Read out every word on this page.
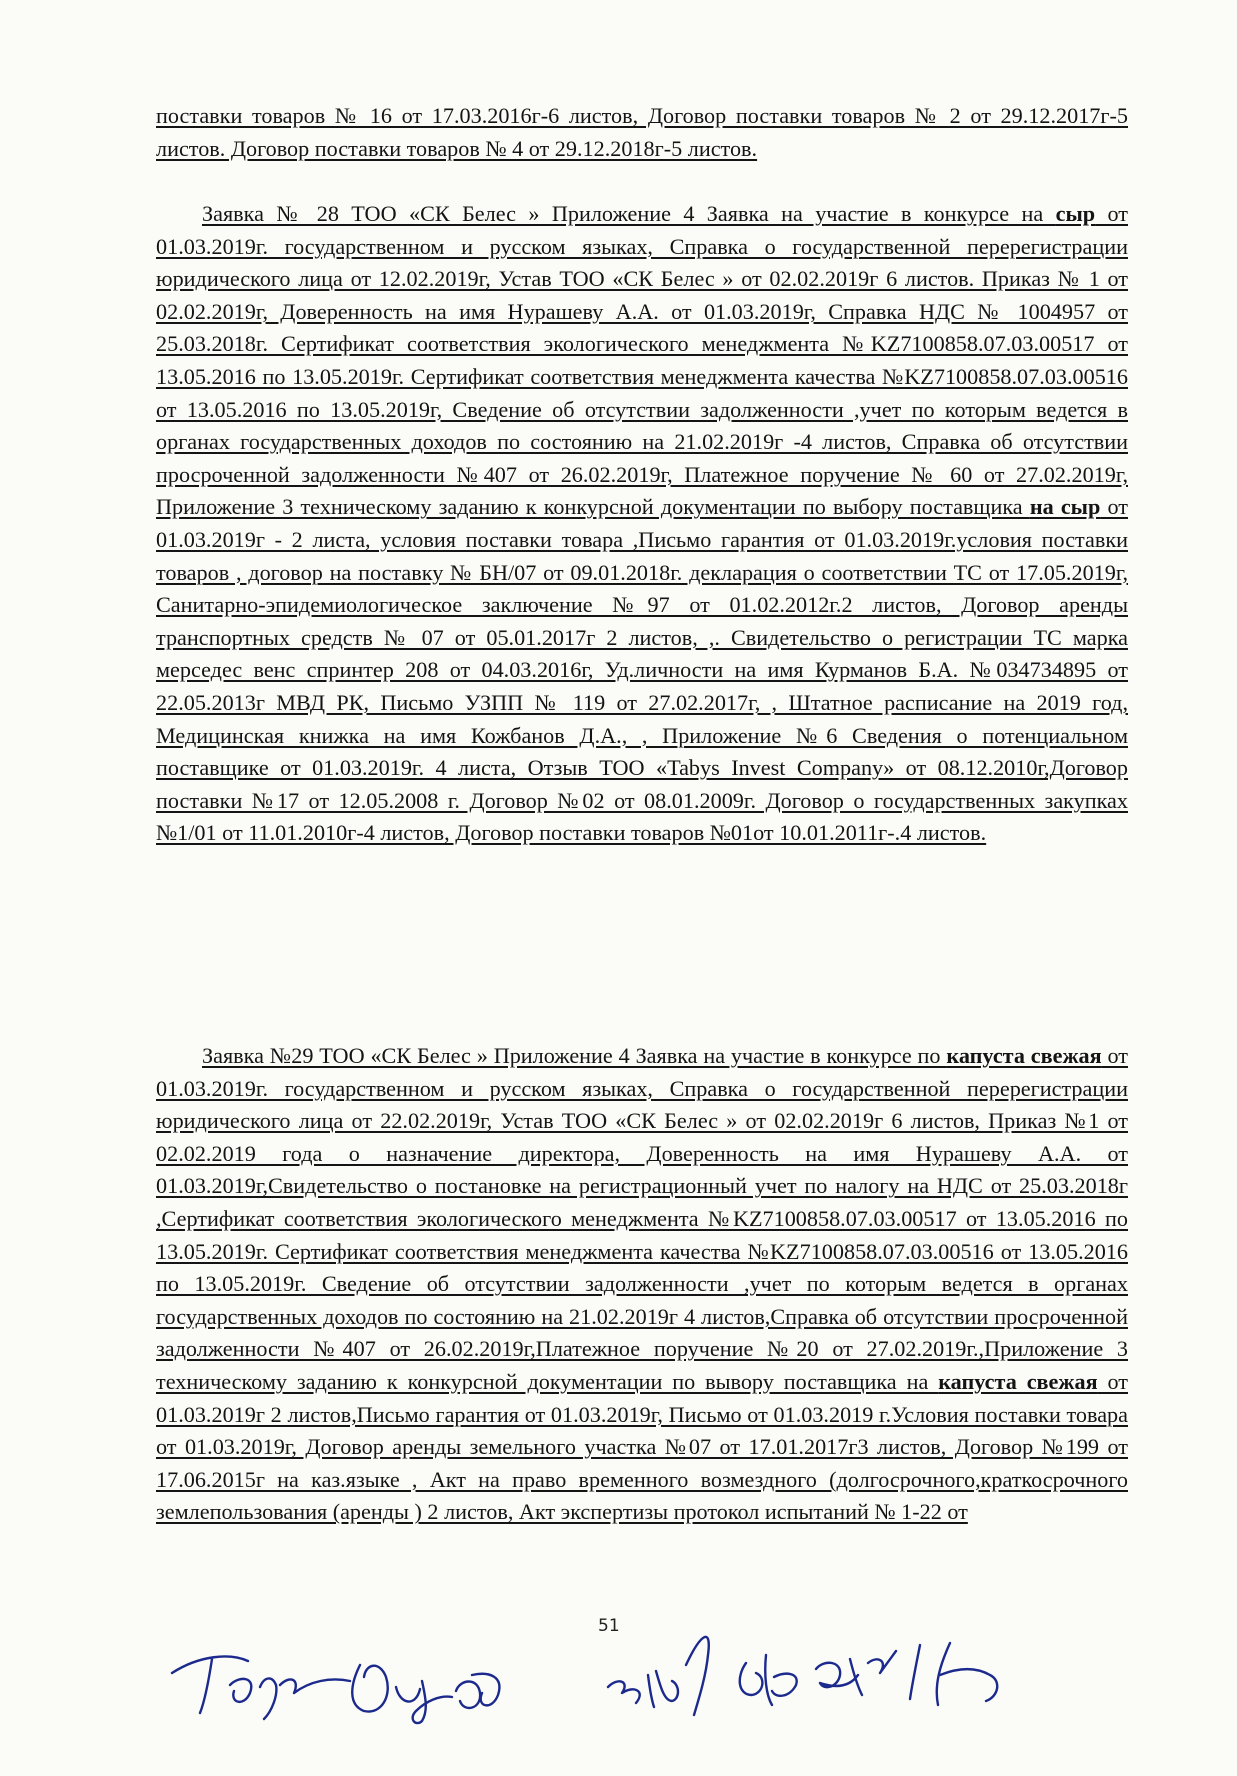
поставки товаров № 16 от 17.03.2016г-6 листов, Договор поставки товаров № 2 от 29.12.2017г-5 листов. Договор поставки товаров № 4 от 29.12.2018г-5 листов.

Заявка № 28 ТОО «СК Белес » Приложение 4 Заявка на участие в конкурсе на сыр от 01.03.2019г. государственном и русском языках, Справка о государственной перерегистрации юридического лица от 12.02.2019г, Устав ТОО «СК Белес » от 02.02.2019г 6 листов. Приказ № 1 от 02.02.2019г, Доверенность на имя Нурашеву А.А. от 01.03.2019г, Справка НДС № 1004957 от 25.03.2018г. Сертификат соответствия экологического менеджмента №KZ7100858.07.03.00517 от 13.05.2016 по 13.05.2019г. Сертификат соответствия менеджмента качества №KZ7100858.07.03.00516 от 13.05.2016 по 13.05.2019г, Сведение об отсутствии задолженности ,учет по которым ведется в органах государственных доходов по состоянию на 21.02.2019г -4 листов, Справка об отсутствии просроченной задолженности №407 от 26.02.2019г, Платежное поручение № 60 от 27.02.2019г, Приложение 3 техническому заданию к конкурсной документации по выбору поставщика на сыр от 01.03.2019г - 2 листа, условия поставки товара ,Письмо гарантия от 01.03.2019г.условия поставки товаров , договор на поставку № БН/07 от 09.01.2018г. декларация о соответствии ТС от 17.05.2019г, Санитарно-эпидемиологическое заключение №97 от 01.02.2012г.2 листов, Договор аренды транспортных средств № 07 от 05.01.2017г 2 листов, ,. Свидетельство о регистрации ТС марка мерседес венс спринтер 208 от 04.03.2016г, Уд.личности на имя Курманов Б.А. №034734895 от 22.05.2013г МВД РК, Письмо УЗПП № 119 от 27.02.2017г, , Штатное расписание на 2019 год, Медицинская книжка на имя Кожбанов Д.А., , Приложение №6 Сведения о потенциальном поставщике от 01.03.2019г. 4 листа, Отзыв ТОО «Tabys Invest Company» от 08.12.2010г,Договор поставки №17 от 12.05.2008 г. Договор №02 от 08.01.2009г. Договор о государственных закупках №1/01 от 11.01.2010г-4 листов, Договор поставки товаров №01от 10.01.2011г-.4 листов.

Заявка №29 ТОО «СК Белес » Приложение 4 Заявка на участие в конкурсе по капуста свежая от 01.03.2019г. государственном и русском языках, Справка о государственной перерегистрации юридического лица от 22.02.2019г, Устав ТОО «СК Белес » от 02.02.2019г 6 листов, Приказ №1 от 02.02.2019 года о назначение директора, Доверенность на имя Нурашеву А.А. от 01.03.2019г,Свидетельство о постановке на регистрационный учет по налогу на НДС от 25.03.2018г ,Сертификат соответствия экологического менеджмента №KZ7100858.07.03.00517 от 13.05.2016 по 13.05.2019г. Сертификат соответствия менеджмента качества №KZ7100858.07.03.00516 от 13.05.2016 по 13.05.2019г. Сведение об отсутствии задолженности ,учет по которым ведется в органах государственных доходов по состоянию на 21.02.2019г 4 листов,Справка об отсутствии просроченной задолженности №407 от 26.02.2019г,Платежное поручение №20 от 27.02.2019г.,Приложение 3 техническому заданию к конкурсной документации по вывору поставщика на капуста свежая от 01.03.2019г 2 листов,Письмо гарантия от 01.03.2019г, Письмо от 01.03.2019 г.Условия поставки товара от 01.03.2019г, Договор аренды земельного участка №07 от 17.01.2017г3 листов, Договор №199 от 17.06.2015г на каз.языке , Акт на право временного возмездного (долгосрочного,краткосрочного землепользования (аренды ) 2 листов, Акт экспертизы протокол испытаний № 1-22 от

51
